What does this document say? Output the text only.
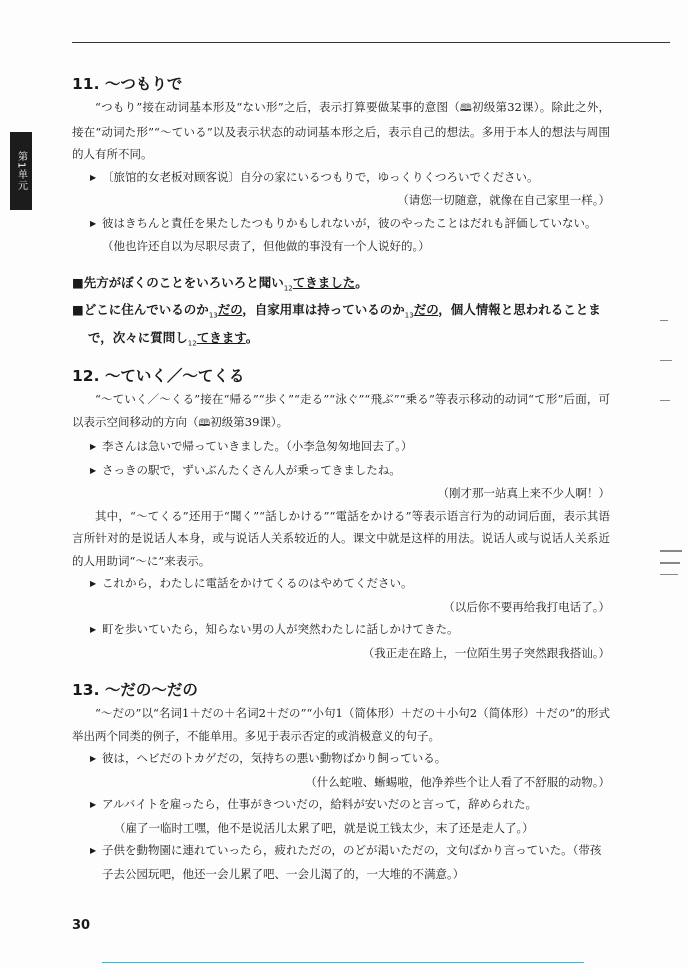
第1单元
11. ～つもりで

“つもり”接在动词基本形及“ない形”之后，表示打算要做某事的意图（🕮初级第32课）。除此之外，接在“动词た形”“～ている”以及表示状态的动词基本形之后，表示自己的想法。多用于本人的想法与周围的人有所不同。

▶ 〔旅馆的女老板对顾客说〕自分の家にいるつもりで，ゆっくりくつろいでください。

（请您一切随意，就像在自己家里一样。）

▶ 彼はきちんと責任を果たしたつもりかもしれないが，彼のやったことはだれも評価していない。（他也许还自以为尽职尽责了，但他做的事没有一个人说好的。）

■先方がぼくのことをいろいろと聞い$_{12}$てきました。

■どこに住んでいるのか$_{13}$だの，自家用車は持っているのか$_{13}$だの，個人情報と思われることまで，次々に質問し$_{12}$てきます。

12. ～ていく／～てくる

“～ていく／～くる”接在“帰る”“歩く”“走る”“泳ぐ”“飛ぶ”“乗る”等表示移动的动词“て形”后面，可以表示空间移动的方向（🕮初级第39课）。

▶ 李さんは急いで帰っていきました。（小李急匆匆地回去了。）

▶ さっきの駅で，ずいぶんたくさん人が乗ってきましたね。

（刚才那一站真上来不少人啊！）

其中，“～てくる”还用于“聞く”“話しかける”“電話をかける”等表示语言行为的动词后面，表示其语言所针对的是说话人本身，或与说话人关系较近的人。课文中就是这样的用法。说话人或与说话人关系近的人用助词“～に”来表示。

▶ これから，わたしに電話をかけてくるのはやめてください。

（以后你不要再给我打电话了。）

▶ 町を歩いていたら，知らない男の人が突然わたしに話しかけてきた。

（我正走在路上，一位陌生男子突然跟我搭讪。）

13. ～だの～だの

“～だの”以“名词1＋だの＋名词2＋だの”“小句1（简体形）＋だの＋小句2（简体形）＋だの”的形式举出两个同类的例子，不能单用。多见于表示否定的或消极意义的句子。

▶ 彼は，ヘビだのトカゲだの，気持ちの悪い動物ばかり飼っている。

（什么蛇啦、蜥蜴啦，他净养些个让人看了不舒服的动物。）

▶ アルバイトを雇ったら，仕事がきついだの，給料が安いだのと言って，辞められた。

（雇了一临时工嘿，他不是说活儿太累了吧，就是说工钱太少，末了还是走人了。）

▶ 子供を動物園に連れていったら，疲れただの，のどが渇いただの，文句ばかり言っていた。（带孩子去公园玩吧，他还一会儿累了吧、一会儿渴了的，一大堆的不满意。）

30
